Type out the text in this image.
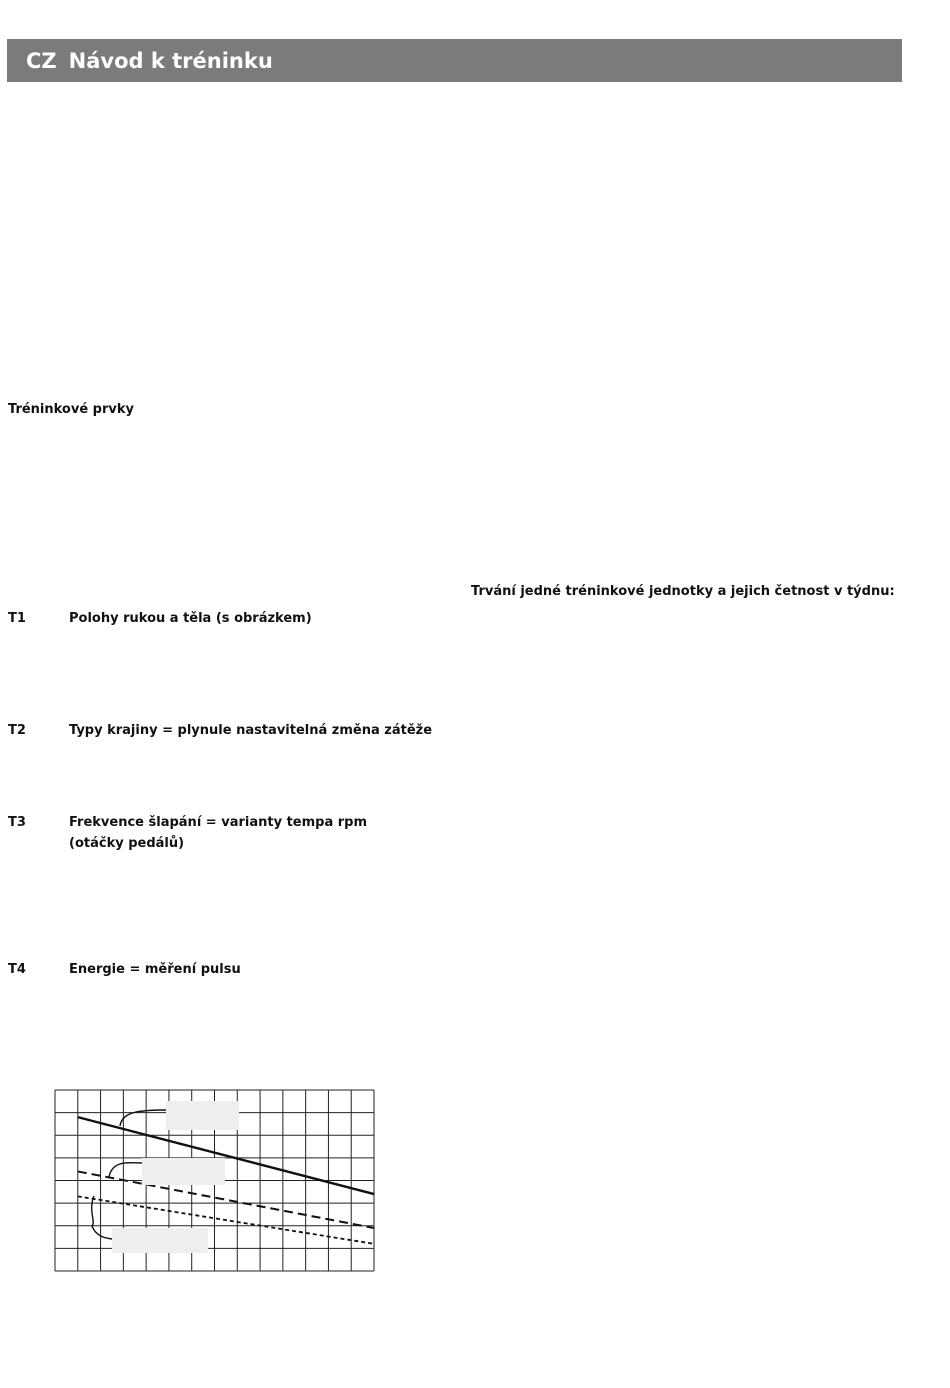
CZ Návod k tréninku
Tréninkové prvky
Trvání jedné tréninkové jednotky a jejich četnost v týdnu:
T1	Polohy rukou a těla (s obrázkem)
T2	Typy krajiny = plynule nastavitelná změna zátěže
T3	Frekvence šlapání = varianty tempa rpm
(otáčky pedálů)
T4	Energie = měření pulsu
